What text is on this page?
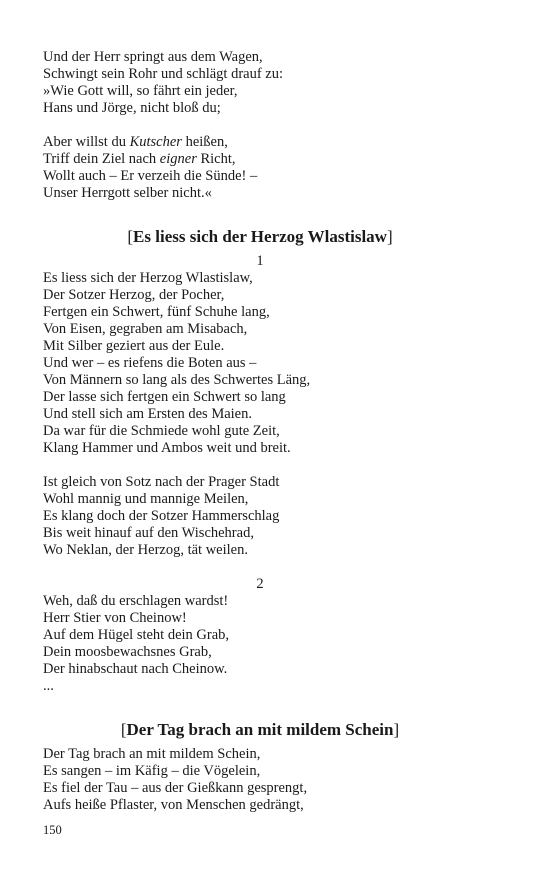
Und der Herr springt aus dem Wagen,
Schwingt sein Rohr und schlägt drauf zu:
»Wie Gott will, so fährt ein jeder,
Hans und Jörge, nicht bloß du;
Aber willst du Kutscher heißen,
Triff dein Ziel nach eigner Richt,
Wollt auch – Er verzeih die Sünde! –
Unser Herrgott selber nicht.«
[Es liess sich der Herzog Wlastislaw]
1
Es liess sich der Herzog Wlastislaw,
Der Sotzer Herzog, der Pocher,
Fertgen ein Schwert, fünf Schuhe lang,
Von Eisen, gegraben am Misabach,
Mit Silber geziert aus der Eule.
Und wer – es riefens die Boten aus –
Von Männern so lang als des Schwertes Läng,
Der lasse sich fertgen ein Schwert so lang
Und stell sich am Ersten des Maien.
Da war für die Schmiede wohl gute Zeit,
Klang Hammer und Ambos weit und breit.
Ist gleich von Sotz nach der Prager Stadt
Wohl mannig und mannige Meilen,
Es klang doch der Sotzer Hammerschlag
Bis weit hinauf auf den Wischehrad,
Wo Neklan, der Herzog, tät weilen.
2
Weh, daß du erschlagen wardst!
Herr Stier von Cheinow!
Auf dem Hügel steht dein Grab,
Dein moosbewachsnes Grab,
Der hinabschaut nach Cheinow.
...
[Der Tag brach an mit mildem Schein]
Der Tag brach an mit mildem Schein,
Es sangen – im Käfig – die Vögelein,
Es fiel der Tau – aus der Gießkann gesprengt,
Aufs heiße Pflaster, von Menschen gedrängt,
150
